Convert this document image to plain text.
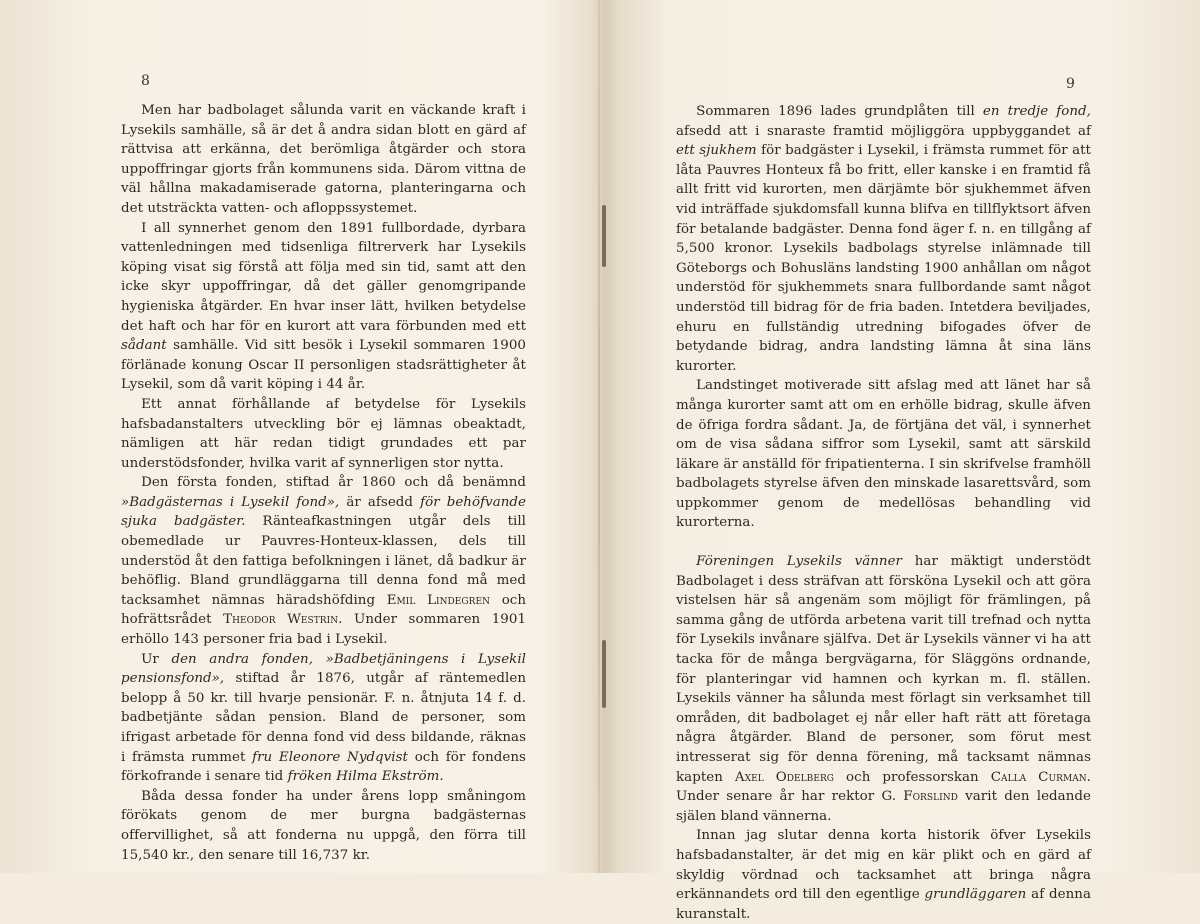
8

Men har badbolaget sålunda varit en väckande kraft i Lysekils samhälle, så är det å andra sidan blott en gärd af rättvisa att erkänna, det berömliga åtgärder och stora uppoffringar gjorts från kommunens sida. Därom vittna de väl hållna makadamiserade gatorna, planteringarna och det utsträckta vatten- och afloppssystemet.

I all synnerhet genom den 1891 fullbordade, dyrbara vattenledningen med tidsenliga filtrerverk har Lysekils köping visat sig förstå att följa med sin tid, samt att den icke skyr uppoffringar, då det gäller genomgripande hygieniska åtgärder. En hvar inser lätt, hvilken betydelse det haft och har för en kurort att vara förbunden med ett sådant samhälle. Vid sitt besök i Lysekil sommaren 1900 förlänade konung Oscar II personligen stadsrättigheter åt Lysekil, som då varit köping i 44 år.

Ett annat förhållande af betydelse för Lysekils hafsbadanstalters utveckling bör ej lämnas obeaktadt, nämligen att här redan tidigt grundades ett par understödsfonder, hvilka varit af synnerligen stor nytta.

Den första fonden, stiftad år 1860 och då benämnd »Badgästernas i Lysekil fond», är afsedd för behöfvande sjuka badgäster. Ränteafkastningen utgår dels till obemedlade ur Pauvres-Honteux-klassen, dels till understöd åt den fattiga befolkningen i länet, då badkur är behöflig. Bland grundläggarna till denna fond må med tacksamhet nämnas häradshöfding Emil Lindegren och hofrättsrådet Theodor Westrin. Under sommaren 1901 erhöllo 143 personer fria bad i Lysekil.

Ur den andra fonden, »Badbetjäningens i Lysekil pensionsfond», stiftad år 1876, utgår af räntemedlen belopp å 50 kr. till hvarje pensionär. F. n. åtnjuta 14 f. d. badbetjänte sådan pension. Bland de personer, som ifrigast arbetade för denna fond vid dess bildande, räknas i främsta rummet fru Eleonore Nydqvist och för fondens förkofrande i senare tid fröken Hilma Ekström.

Båda dessa fonder ha under årens lopp småningom förökats genom de mer burgna badgästernas offervillighet, så att fonderna nu uppgå, den förra till 15,540 kr., den senare till 16,737 kr.

9

Sommaren 1896 lades grundplåten till en tredje fond, afsedd att i snaraste framtid möjliggöra uppbyggandet af ett sjukhem för badgäster i Lysekil, i främsta rummet för att låta Pauvres Honteux få bo fritt, eller kanske i en framtid få allt fritt vid kurorten, men därjämte bör sjukhemmet äfven vid inträffade sjukdomsfall kunna blifva en tillflyktsort äfven för betalande badgäster. Denna fond äger f. n. en tillgång af 5,500 kronor. Lysekils badbolags styrelse inlämnade till Göteborgs och Bohusläns landsting 1900 anhållan om något understöd för sjukhemmets snara fullbordande samt något understöd till bidrag för de fria baden. Intetdera beviljades, ehuru en fullständig utredning bifogades öfver de betydande bidrag, andra landsting lämna åt sina läns kurorter.

Landstinget motiverade sitt afslag med att länet har så många kurorter samt att om en erhölle bidrag, skulle äfven de öfriga fordra sådant. Ja, de förtjäna det väl, i synnerhet om de visa sådana siffror som Lysekil, samt att särskild läkare är anställd för fripatienterna. I sin skrifvelse framhöll badbolagets styrelse äfven den minskade lasarettsvård, som uppkommer genom de medellösas behandling vid kurorterna.

Föreningen Lysekils vänner har mäktigt understödt Badbolaget i dess sträfvan att försköna Lysekil och att göra vistelsen här så angenäm som möjligt för främlingen, på samma gång de utförda arbetena varit till trefnad och nytta för Lysekils invånare själfva. Det är Lysekils vänner vi ha att tacka för de många bergvägarna, för Släggöns ordnande, för planteringar vid hamnen och kyrkan m. fl. ställen. Lysekils vänner ha sålunda mest förlagt sin verksamhet till områden, dit badbolaget ej når eller haft rätt att företaga några åtgärder. Bland de personer, som förut mest intresserat sig för denna förening, må tacksamt nämnas kapten Axel Odelberg och professorskan Calla Curman. Under senare år har rektor G. Forslind varit den ledande själen bland vännerna.

Innan jag slutar denna korta historik öfver Lysekils hafsbadanstalter, är det mig en kär plikt och en gärd af skyldig vördnad och tacksamhet att bringa några erkännandets ord till den egentlige grundläggaren af denna kuranstalt.
